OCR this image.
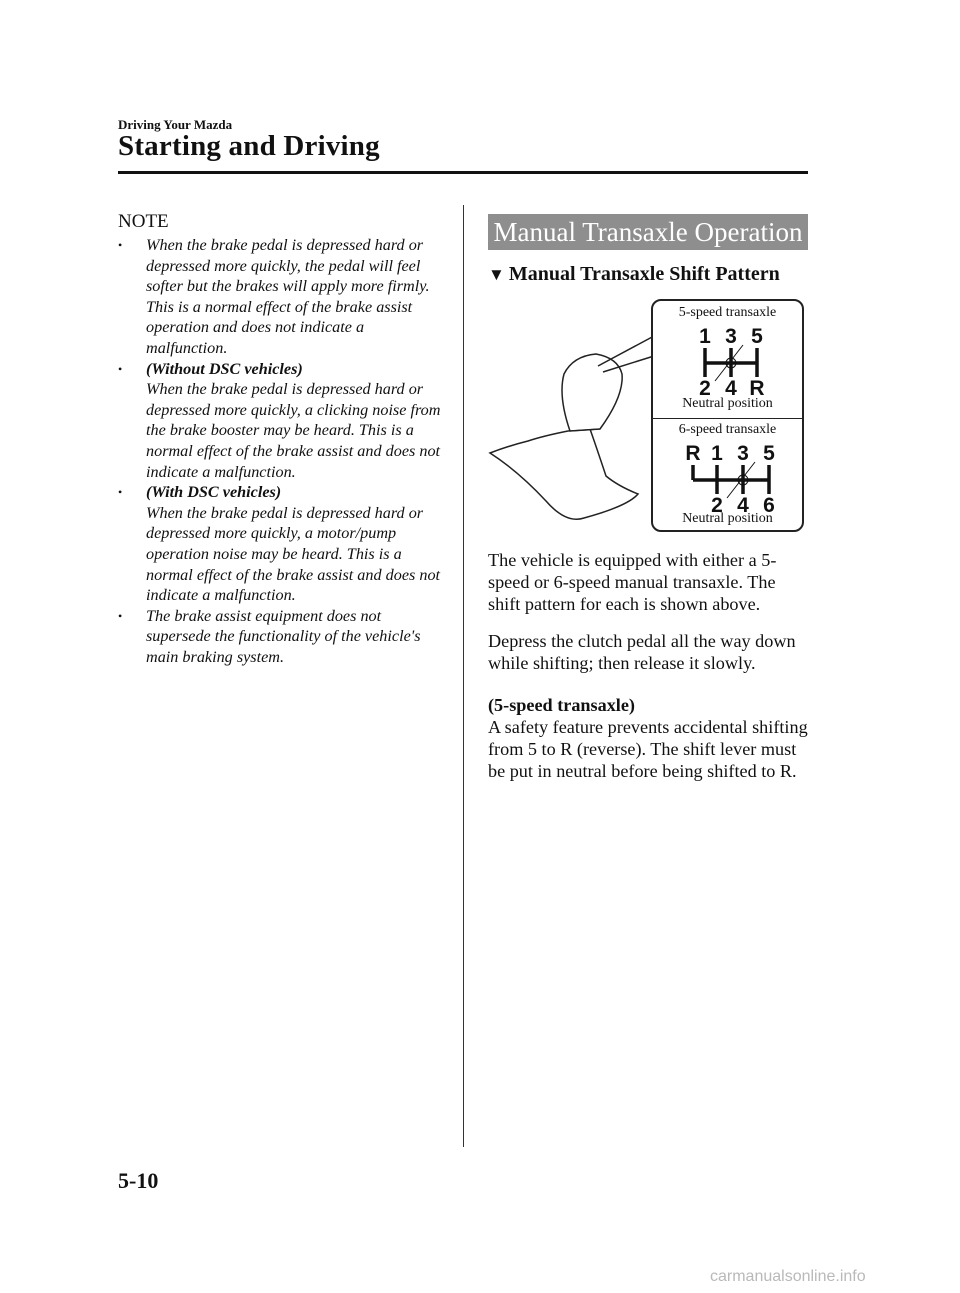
Driving Your Mazda
Starting and Driving
NOTE
• When the brake pedal is depressed hard or depressed more quickly, the pedal will feel softer but the brakes will apply more firmly. This is a normal effect of the brake assist operation and does not indicate a malfunction.
• (Without DSC vehicles)
When the brake pedal is depressed hard or depressed more quickly, a clicking noise from the brake booster may be heard. This is a normal effect of the brake assist and does not indicate a malfunction.
• (With DSC vehicles)
When the brake pedal is depressed hard or depressed more quickly, a motor/pump operation noise may be heard. This is a normal effect of the brake assist and does not indicate a malfunction.
• The brake assist equipment does not supersede the functionality of the vehicle's main braking system.
Manual Transaxle Operation
▼ Manual Transaxle Shift Pattern
5-speed transaxle
1 3 5
2 4 R
Neutral position
6-speed transaxle
R 1 3 5
2 4 6
Neutral position
The vehicle is equipped with either a 5-speed or 6-speed manual transaxle. The shift pattern for each is shown above.
Depress the clutch pedal all the way down while shifting; then release it slowly.
(5-speed transaxle)
A safety feature prevents accidental shifting from 5 to R (reverse). The shift lever must be put in neutral before being shifted to R.
5-10
carmanualsonline.info
